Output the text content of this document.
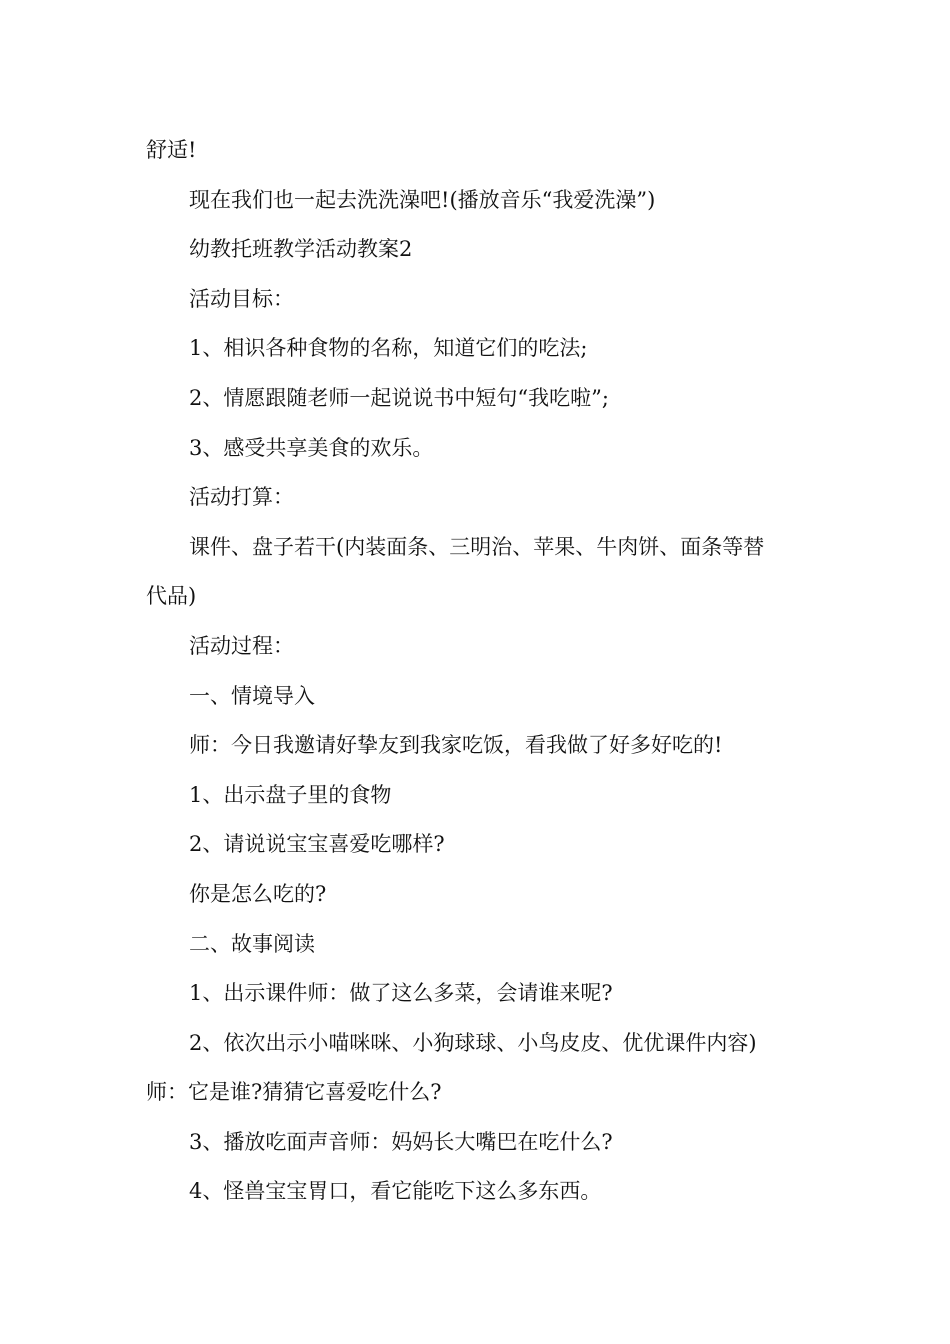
舒适!
现在我们也一起去洗洗澡吧!(播放音乐“我爱洗澡”)
幼教托班教学活动教案2
活动目标：
1、相识各种食物的名称，知道它们的吃法;
2、情愿跟随老师一起说说书中短句“我吃啦”;
3、感受共享美食的欢乐。
活动打算：
课件、盘子若干(内装面条、三明治、苹果、牛肉饼、面条等替
代品)
活动过程：
一、情境导入
师：今日我邀请好挚友到我家吃饭，看我做了好多好吃的!
1、出示盘子里的食物
2、请说说宝宝喜爱吃哪样?
你是怎么吃的?
二、故事阅读
1、出示课件师：做了这么多菜，会请谁来呢?
2、依次出示小喵咪咪、小狗球球、小鸟皮皮、优优课件内容)
师：它是谁?猜猜它喜爱吃什么?
3、播放吃面声音师：妈妈长大嘴巴在吃什么?
4、怪兽宝宝胃口，看它能吃下这么多东西。
